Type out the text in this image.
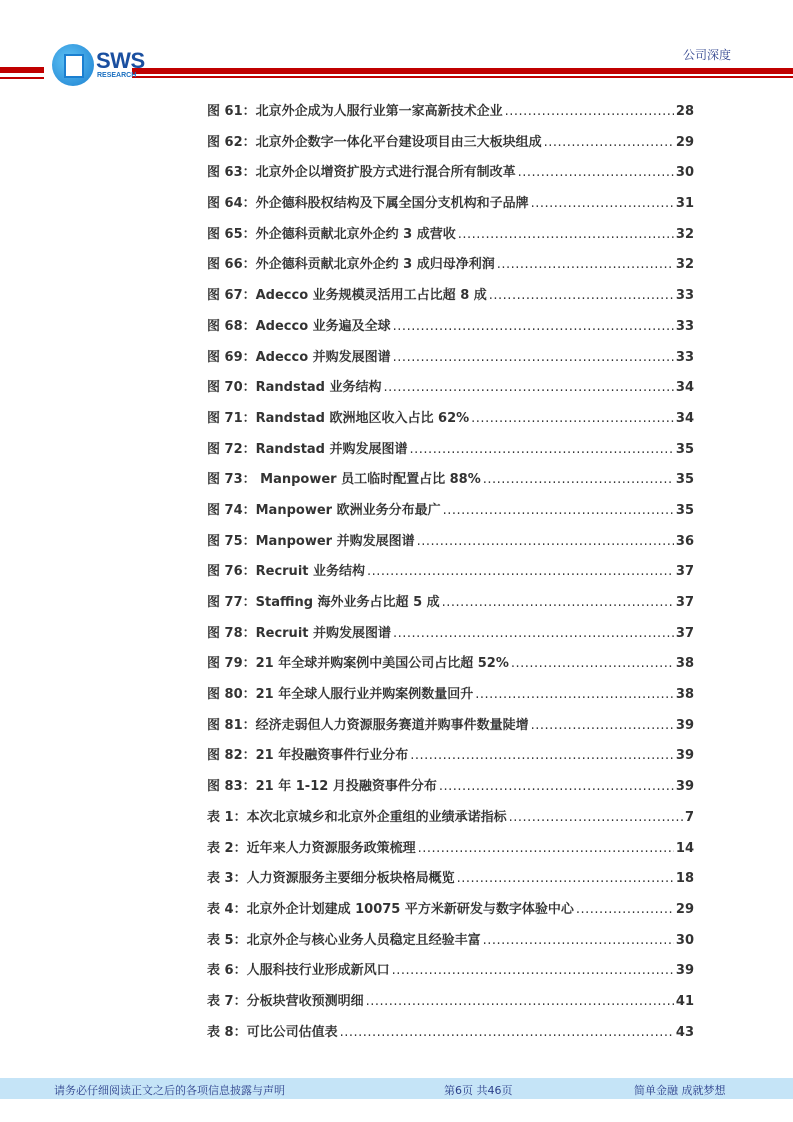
SWS
RESEARCH
公司深度
图 61：北京外企成为人服行业第一家高新技术企业 .....	28
图 62：北京外企数字一体化平台建设项目由三大板块组成 .....	29
图 63：北京外企以增资扩股方式进行混合所有制改革 .....	30
图 64：外企德科股权结构及下属全国分支机构和子品牌 .....	31
图 65：外企德科贡献北京外企约 3 成营收 .....	32
图 66：外企德科贡献北京外企约 3 成归母净利润 .....	32
图 67：Adecco 业务规模灵活用工占比超 8 成 .....	33
图 68：Adecco 业务遍及全球 .....	33
图 69：Adecco 并购发展图谱 .....	33
图 70：Randstad 业务结构 .....	34
图 71：Randstad 欧洲地区收入占比 62% .....	34
图 72：Randstad 并购发展图谱 .....	35
图 73： Manpower 员工临时配置占比 88% .....	35
图 74：Manpower 欧洲业务分布最广 .....	35
图 75：Manpower 并购发展图谱 .....	36
图 76：Recruit 业务结构 .....	37
图 77：Staffing 海外业务占比超 5 成 .....	37
图 78：Recruit 并购发展图谱 .....	37
图 79：21 年全球并购案例中美国公司占比超 52% .....	38
图 80：21 年全球人服行业并购案例数量回升 .....	38
图 81：经济走弱但人力资源服务赛道并购事件数量陡增 .....	39
图 82：21 年投融资事件行业分布 .....	39
图 83：21 年 1-12 月投融资事件分布 .....	39
表 1：本次北京城乡和北京外企重组的业绩承诺指标 .....	7
表 2：近年来人力资源服务政策梳理 .....	14
表 3：人力资源服务主要细分板块格局概览 .....	18
表 4：北京外企计划建成 10075 平方米新研发与数字体验中心 .....	29
表 5：北京外企与核心业务人员稳定且经验丰富 .....	30
表 6：人服科技行业形成新风口 .....	39
表 7：分板块营收预测明细 .....	41
表 8：可比公司估值表 .....	43
请务必仔细阅读正文之后的各项信息披露与声明	第6页 共46页	简单金融 成就梦想
